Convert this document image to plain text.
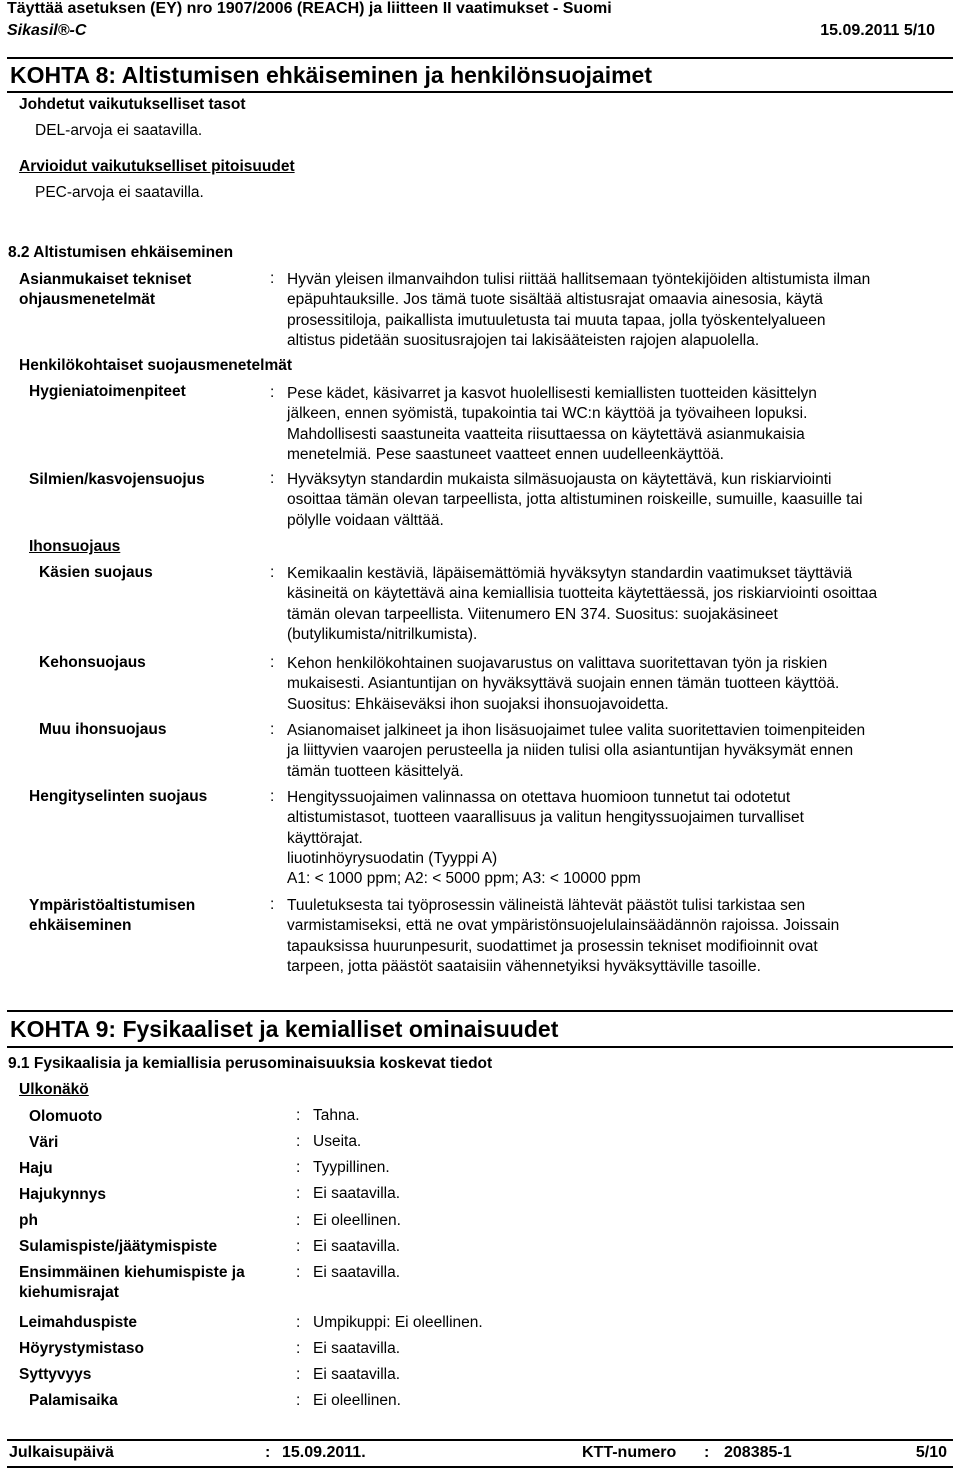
Täyttää asetuksen (EY) nro 1907/2006 (REACH) ja liitteen II vaatimukset - Suomi
Sikasil®-C	15.09.2011 5/10
KOHTA 8: Altistumisen ehkäiseminen ja henkilönsuojaimet
Johdetut vaikutukselliset tasot
DEL-arvoja ei saatavilla.
Arvioidut vaikutukselliset pitoisuudet
PEC-arvoja ei saatavilla.
8.2 Altistumisen ehkäiseminen
Asianmukaiset tekniset
ohjausmenetelmät
: Hyvän yleisen ilmanvaihdon tulisi riittää hallitsemaan työntekijöiden altistumista ilman
epäpuhtauksille. Jos tämä tuote sisältää altistusrajat omaavia ainesosia, käytä
prosessitiloja, paikallista imutuuletusta tai muuta tapaa, jolla työskentelyalueen
altistus pidetään suositusrajojen tai lakisääteisten rajojen alapuolella.
Henkilökohtaiset suojausmenetelmät
Hygieniatoimenpiteet	: Pese kädet, käsivarret ja kasvot huolellisesti kemiallisten tuotteiden käsittelyn
jälkeen, ennen syömistä, tupakointia tai WC:n käyttöä ja työvaiheen lopuksi.
Mahdollisesti saastuneita vaatteita riisuttaessa on käytettävä asianmukaisia
menetelmiä. Pese saastuneet vaatteet ennen uudelleenkäyttöä.
Silmien/kasvojensuojus	: Hyväksytyn standardin mukaista silmäsuojausta on käytettävä, kun riskiarviointi
osoittaa tämän olevan tarpeellista, jotta altistuminen roiskeille, sumuille, kaasuille tai
pölylle voidaan välttää.
Ihonsuojaus
Käsien suojaus	: Kemikaalin kestäviä, läpäisemättömiä hyväksytyn standardin vaatimukset täyttäviä
käsineitä on käytettävä aina kemiallisia tuotteita käytettäessä, jos riskiarviointi osoittaa
tämän olevan tarpeellista. Viitenumero EN 374. Suositus: suojakäsineet
(butylikumista/nitrilkumista).
Kehonsuojaus	: Kehon henkilökohtainen suojavarustus on valittava suoritettavan työn ja riskien
mukaisesti. Asiantuntijan on hyväksyttävä suojain ennen tämän tuotteen käyttöä.
Suositus: Ehkäiseväksi ihon suojaksi ihonsuojavoidetta.
Muu ihonsuojaus	: Asianomaiset jalkineet ja ihon lisäsuojaimet tulee valita suoritettavien toimenpiteiden
ja liittyvien vaarojen perusteella ja niiden tulisi olla asiantuntijan hyväksymät ennen
tämän tuotteen käsittelyä.
Hengityselinten suojaus	: Hengityssuojaimen valinnassa on otettava huomioon tunnetut tai odotetut
altistumistasot, tuotteen vaarallisuus ja valitun hengityssuojaimen turvalliset
käyttörajat.
liuotinhöyrysuodatin (Tyyppi A)
A1: < 1000 ppm; A2: < 5000 ppm; A3: < 10000 ppm
Ympäristöaltistumisen
ehkäiseminen
: Tuuletuksesta tai työprosessin välineistä lähtevät päästöt tulisi tarkistaa sen
varmistamiseksi, että ne ovat ympäristönsuojelulainsäädännön rajoissa. Joissain
tapauksissa huurunpesurit, suodattimet ja prosessin tekniset modifioinnit ovat
tarpeen, jotta päästöt saataisiin vähennetyiksi hyväksyttäville tasoille.
KOHTA 9: Fysikaaliset ja kemialliset ominaisuudet
9.1 Fysikaalisia ja kemiallisia perusominaisuuksia koskevat tiedot
Ulkonäkö
Olomuoto	: Tahna.
Väri	: Useita.
Haju	: Tyypillinen.
Hajukynnys	: Ei saatavilla.
ph	: Ei oleellinen.
Sulamispiste/jäätymispiste	: Ei saatavilla.
Ensimmäinen kiehumispiste ja
kiehumisrajat
: Ei saatavilla.
Leimahduspiste	: Umpikuppi: Ei oleellinen.
Höyrystymistaso	: Ei saatavilla.
Syttyvyys	: Ei saatavilla.
Palamisaika	: Ei oleellinen.
Julkaisupäivä	: 15.09.2011.	KTT-numero : 208385-1	5/10
